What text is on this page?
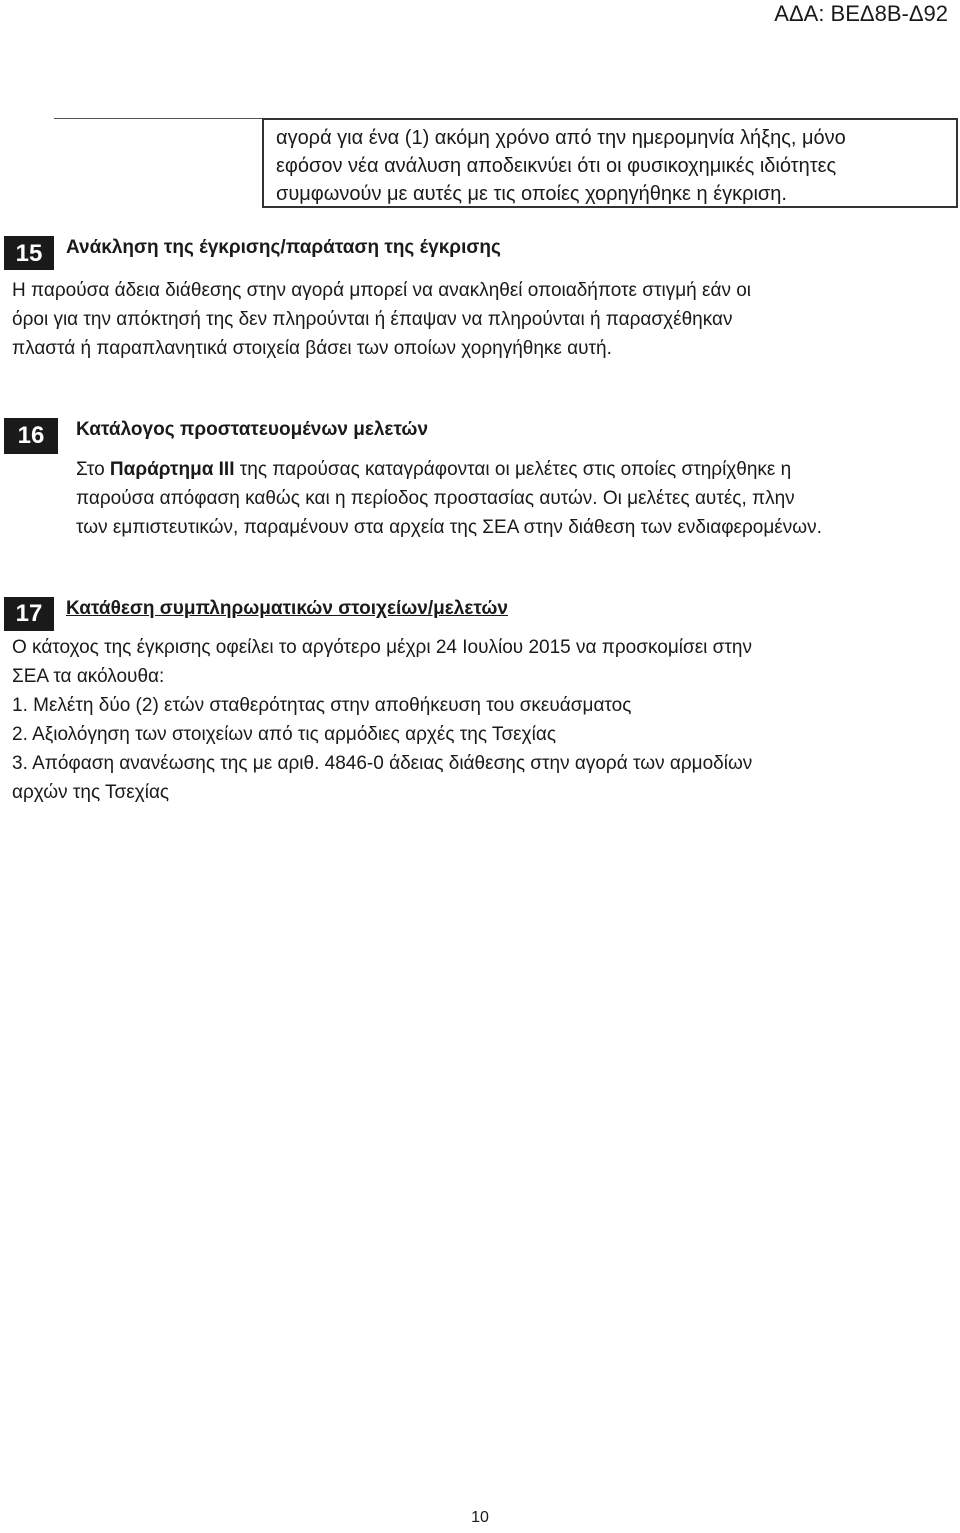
ΑΔΑ: ΒΕΔ8Β-Δ92
αγορά για ένα (1) ακόμη χρόνο από την ημερομηνία λήξης, μόνο
εφόσον νέα ανάλυση αποδεικνύει ότι οι φυσικοχημικές ιδιότητες
συμφωνούν με αυτές με τις οποίες χορηγήθηκε η έγκριση.
15	Ανάκληση της έγκρισης/παράταση της έγκρισης
Η παρούσα άδεια διάθεσης στην αγορά μπορεί να ανακληθεί οποιαδήποτε στιγμή εάν οι
όροι για την απόκτησή της δεν πληρούνται ή έπαψαν να πληρούνται ή παρασχέθηκαν
πλαστά ή παραπλανητικά στοιχεία βάσει των οποίων χορηγήθηκε αυτή.
16	Κατάλογος προστατευομένων μελετών
Στο Παράρτημα ΙΙΙ της παρούσας καταγράφονται οι μελέτες στις οποίες στηρίχθηκε η
παρούσα απόφαση καθώς και η περίοδος προστασίας αυτών. Οι μελέτες αυτές, πλην
των εμπιστευτικών, παραμένουν στα αρχεία της ΣΕΑ στην διάθεση των ενδιαφερομένων.
17	Κατάθεση συμπληρωματικών στοιχείων/μελετών
Ο κάτοχος της έγκρισης οφείλει το αργότερο μέχρι 24 Ιουλίου 2015 να προσκομίσει στην
ΣΕΑ τα ακόλουθα:
1. Μελέτη δύο (2) ετών σταθερότητας στην αποθήκευση του σκευάσματος
2. Αξιολόγηση των στοιχείων από τις αρμόδιες αρχές της Τσεχίας
3. Απόφαση ανανέωσης της με αριθ. 4846-0 άδειας διάθεσης στην αγορά των αρμοδίων
αρχών της Τσεχίας
10
